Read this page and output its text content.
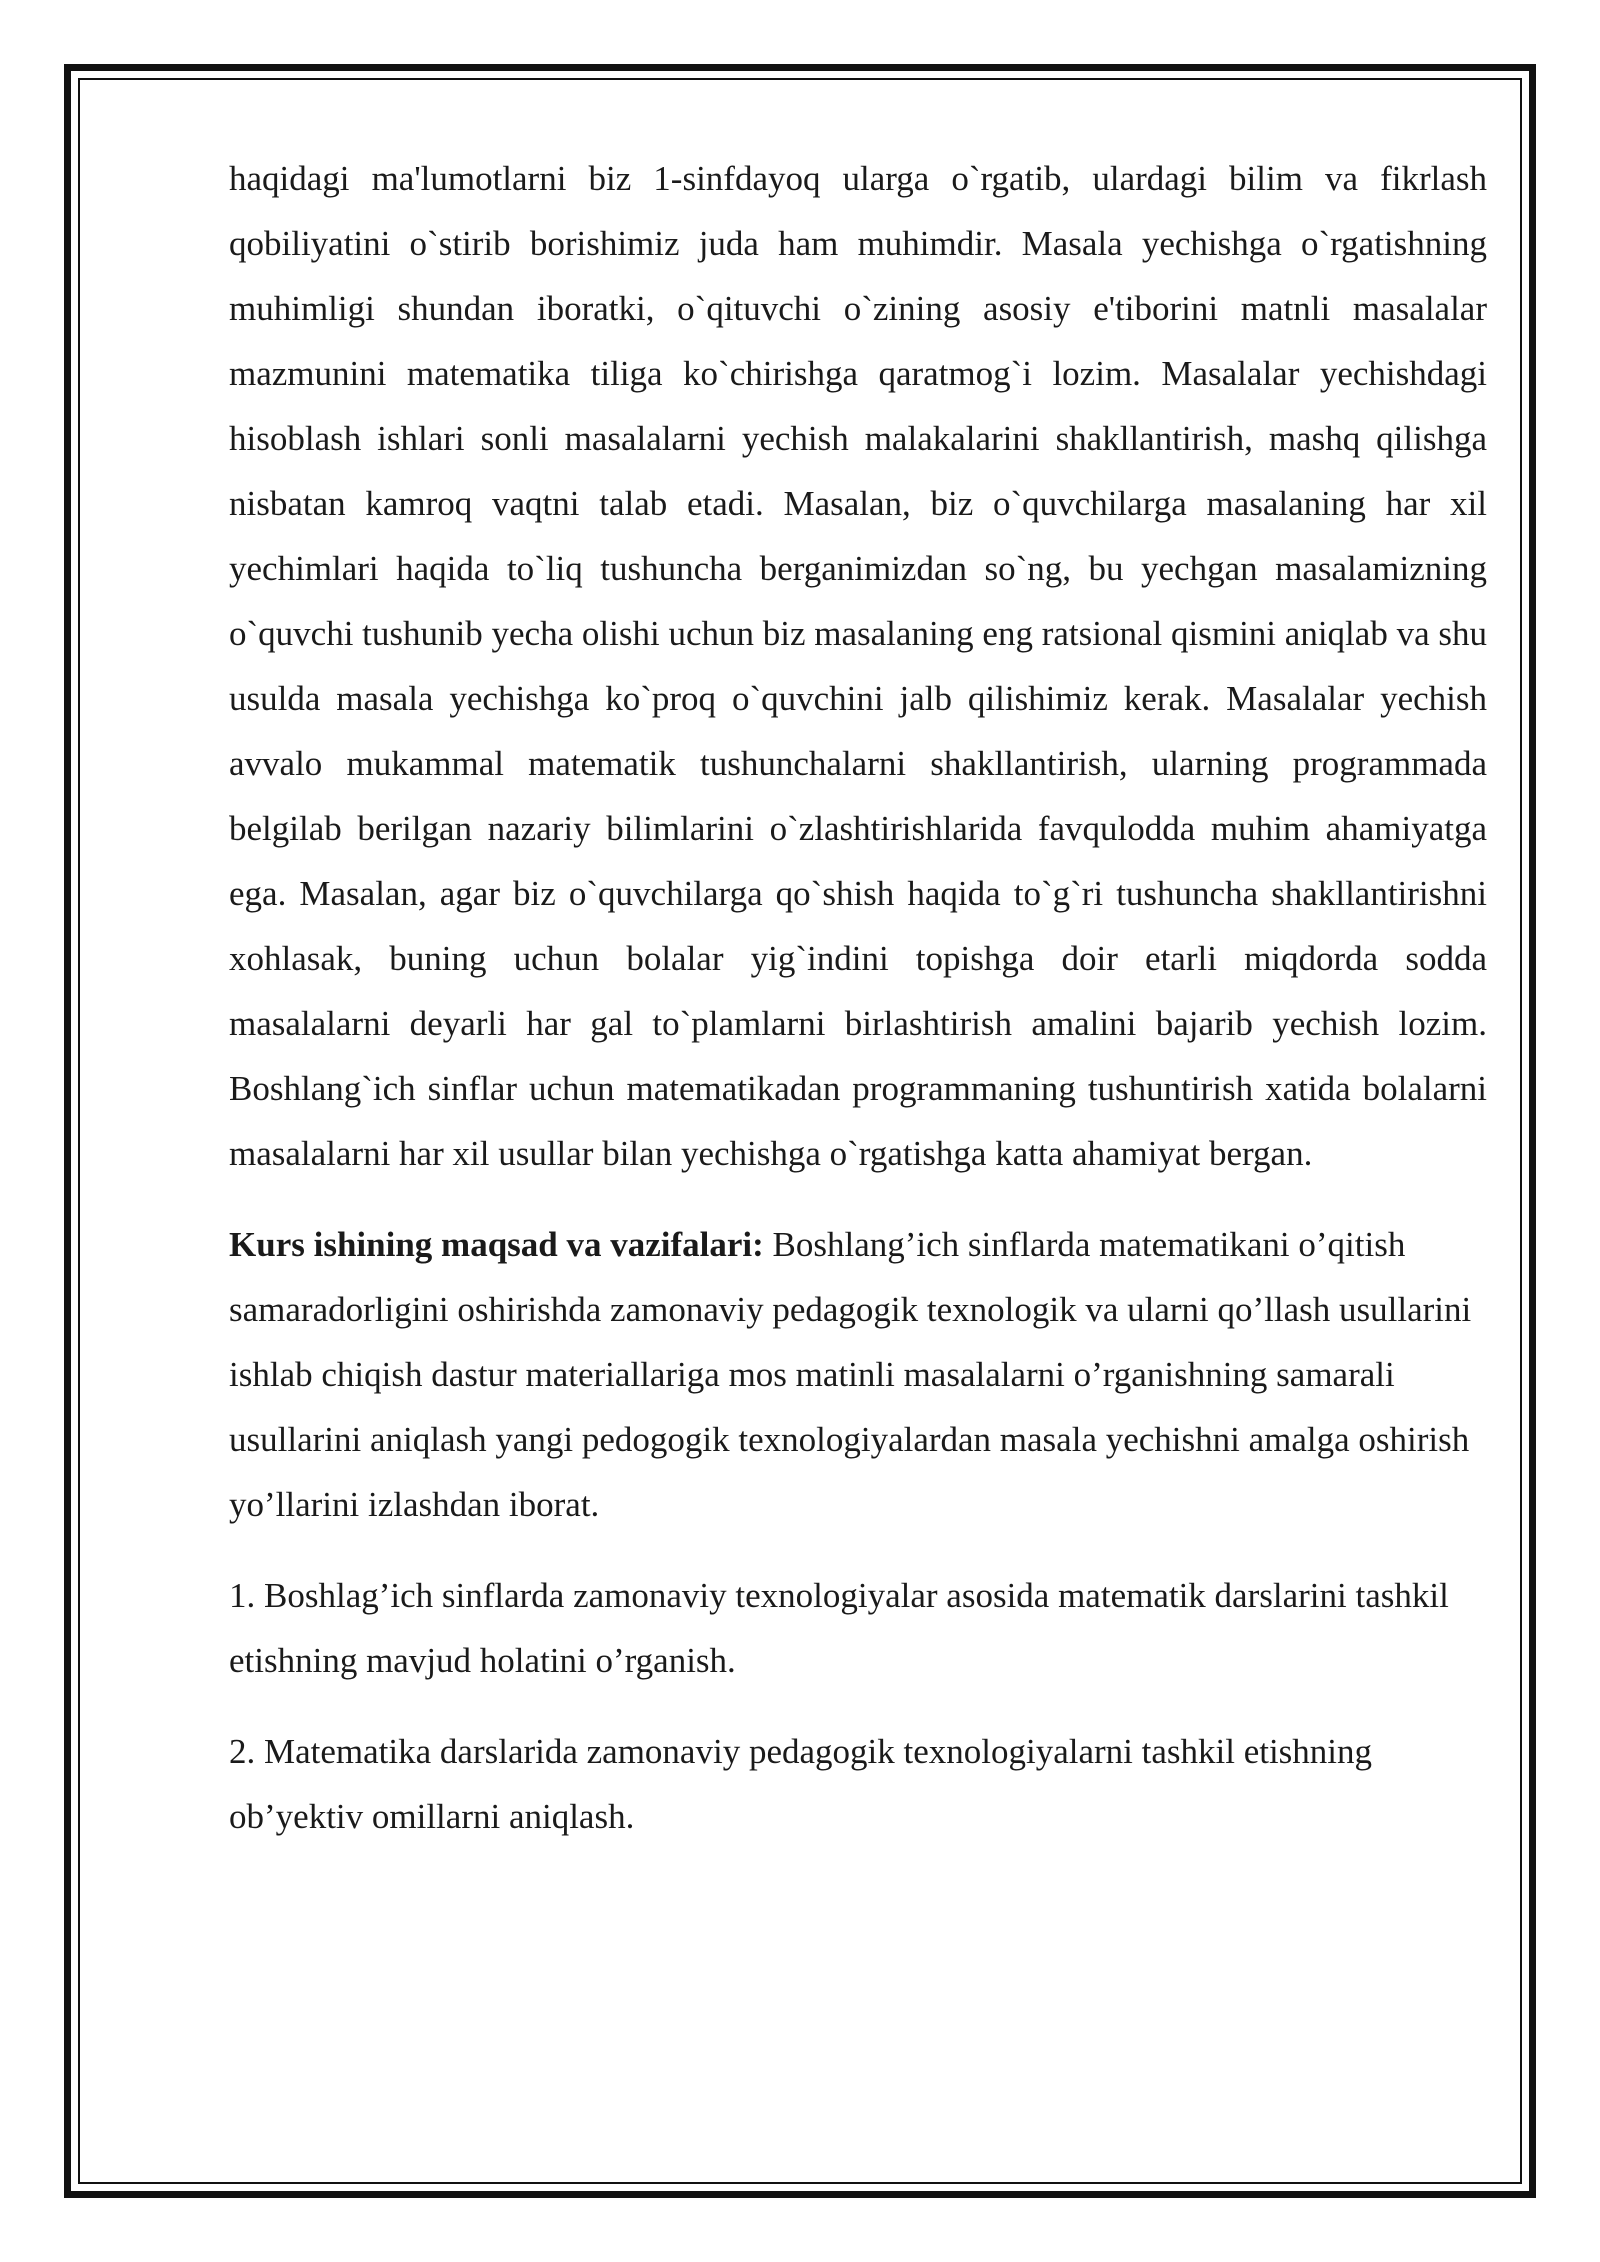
haqidagi ma'lumotlarni biz 1-sinfdayoq ularga o`rgatib, ulardagi bilim va fikrlash qobiliyatini o`stirib borishimiz juda ham muhimdir. Masala yechishga o`rgatishning muhimligi shundan iboratki, o`qituvchi o`zining asosiy e'tiborini matnli masalalar mazmunini matematika tiliga ko`chirishga qaratmog`i lozim. Masalalar yechishdagi hisoblash ishlari sonli masalalarni yechish malakalarini shakllantirish, mashq qilishga nisbatan kamroq vaqtni talab etadi. Masalan, biz o`quvchilarga masalaning har xil yechimlari haqida to`liq tushuncha berganimizdan so`ng, bu yechgan masalamizning o`quvchi tushunib yecha olishi uchun biz masalaning eng ratsional qismini aniqlab va shu usulda masala yechishga ko`proq o`quvchini jalb qilishimiz kerak. Masalalar yechish avvalo mukammal matematik tushunchalarni shakllantirish, ularning programmada belgilab berilgan nazariy bilimlarini o`zlashtirishlarida favqulodda muhim ahamiyatga ega. Masalan, agar biz o`quvchilarga qo`shish haqida to`g`ri tushuncha shakllantirishni xohlasak, buning uchun bolalar yig`indini topishga doir etarli miqdorda sodda masalalarni deyarli har gal to`plamlarni birlashtirish amalini bajarib yechish lozim. Boshlang`ich sinflar uchun matematikadan programmaning tushuntirish xatida bolalarni masalalarni har xil usullar bilan yechishga o`rgatishga katta ahamiyat bergan.

Kurs ishining maqsad va vazifalari: Boshlang’ich sinflarda matematikani o’qitish samaradorligini oshirishda zamonaviy pedagogik texnologik va ularni qo’llash usullarini ishlab chiqish dastur materiallariga mos matinli masalalarni o’rganishning samarali usullarini aniqlash yangi pedogogik texnologiyalardan masala yechishni amalga oshirish yo’llarini izlashdan iborat.

1. Boshlag’ich sinflarda zamonaviy texnologiyalar asosida matematik darslarini tashkil etishning mavjud holatini o’rganish.

2. Matematika darslarida zamonaviy pedagogik texnologiyalarni tashkil etishning ob’yektiv omillarni aniqlash.
